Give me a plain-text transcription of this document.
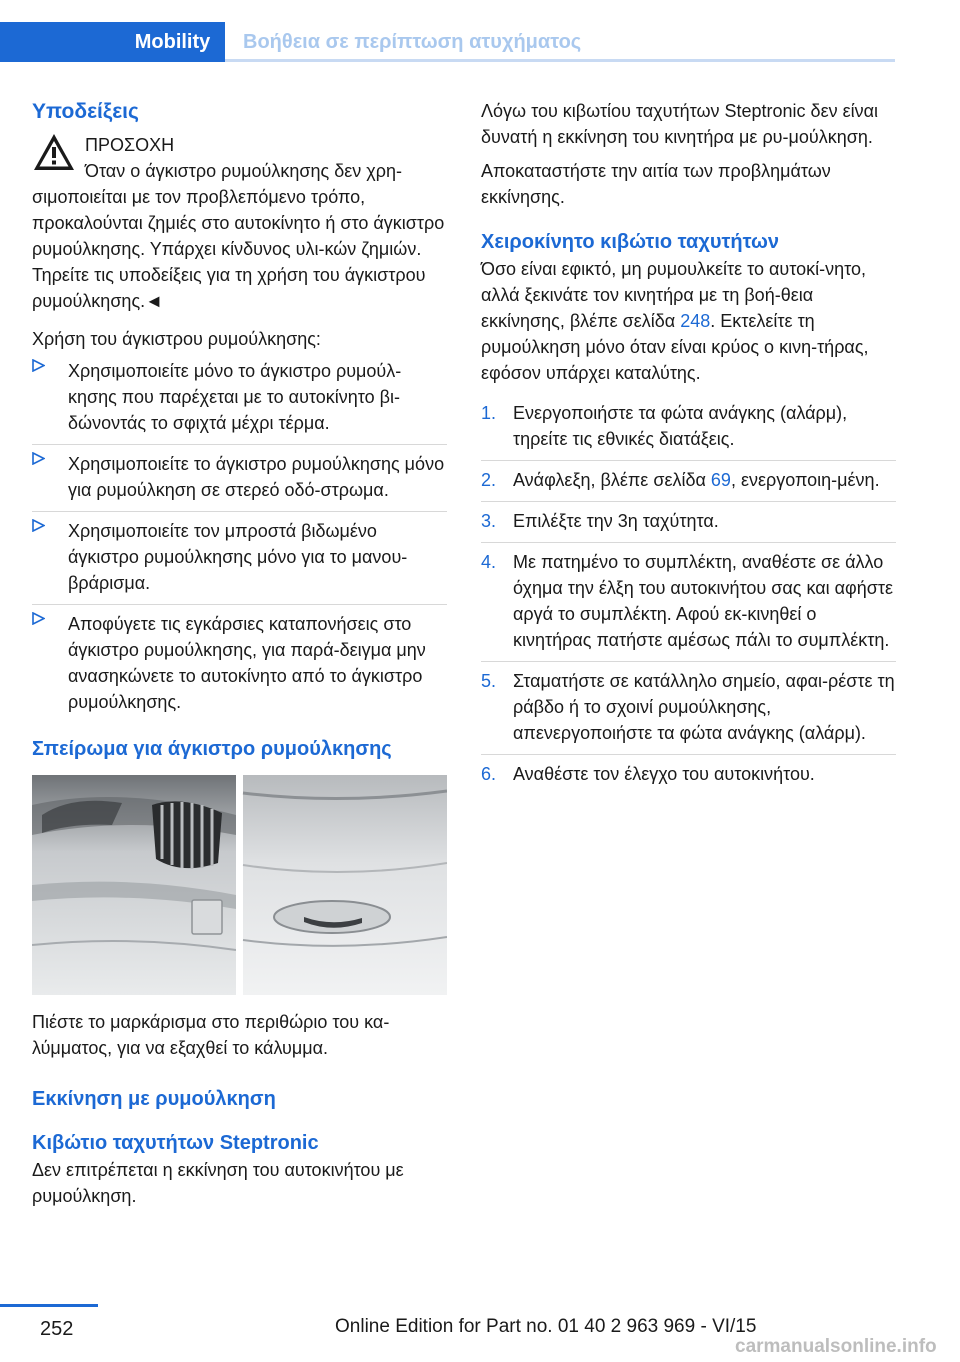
Mobility	Βοήθεια σε περίπτωση ατυχήματος
Υποδείξεις
ΠΡΟΣΟΧΗ
Όταν ο άγκιστρο ρυμούλκησης δεν χρη‐
σιμοποιείται με τον προβλεπόμενο τρόπο, προκαλούνται ζημιές στο αυτοκίνητο ή στο άγκιστρο ρυμούλκησης. Υπάρχει κίνδυνος υλι‐κών ζημιών. Τηρείτε τις υποδείξεις για τη χρήση του άγκιστρου ρυμούλκησης.◄

Χρήση του άγκιστρου ρυμούλκησης:

Χρησιμοποιείτε μόνο το άγκιστρο ρυμούλ‐κησης που παρέχεται με το αυτοκίνητο βι‐δώνοντάς το σφιχτά μέχρι τέρμα.
Χρησιμοποιείτε το άγκιστρο ρυμούλκησης μόνο για ρυμούλκηση σε στερεό οδό‐στρωμα.
Χρησιμοποιείτε τον μπροστά βιδωμένο άγκιστρο ρυμούλκησης μόνο για το μανου‐βράρισμα.
Αποφύγετε τις εγκάρσιες καταπονήσεις στο άγκιστρο ρυμούλκησης, για παρά‐δειγμα μην ανασηκώνετε το αυτοκίνητο από το άγκιστρο ρυμούλκησης.
Σπείρωμα για άγκιστρο ρυμούλκησης

Πιέστε το μαρκάρισμα στο περιθώριο του κα‐λύμματος, για να εξαχθεί το κάλυμμα.

Εκκίνηση με ρυμούλκηση
Κιβώτιο ταχυτήτων Steptronic

Δεν επιτρέπεται η εκκίνηση του αυτοκινήτου με ρυμούλκηση.

Λόγω του κιβωτίου ταχυτήτων Steptronic δεν είναι δυνατή η εκκίνηση του κινητήρα με ρυ‐μούλκηση.

Αποκαταστήστε την αιτία των προβλημάτων εκκίνησης.

Χειροκίνητο κιβώτιο ταχυτήτων

Όσο είναι εφικτό, μη ρυμουλκείτε το αυτοκί‐νητο, αλλά ξεκινάτε τον κινητήρα με τη βοή‐θεια εκκίνησης, βλέπε σελίδα 248. Εκτελείτε τη ρυμούλκηση μόνο όταν είναι κρύος ο κινη‐τήρας, εφόσον υπάρχει καταλύτης.

1. Ενεργοποιήστε τα φώτα ανάγκης (αλάρμ), τηρείτε τις εθνικές διατάξεις.
2. Ανάφλεξη, βλέπε σελίδα 69, ενεργοποιη‐μένη.
3. Επιλέξτε την 3η ταχύτητα.
4. Με πατημένο το συμπλέκτη, αναθέστε σε άλλο όχημα την έλξη του αυτοκινήτου σας και αφήστε αργά το συμπλέκτη. Αφού εκ‐κινηθεί ο κινητήρας πατήστε αμέσως πάλι το συμπλέκτη.
5. Σταματήστε σε κατάλληλο σημείο, αφαι‐ρέστε τη ράβδο ή το σχοινί ρυμούλκησης, απενεργοποιήστε τα φώτα ανάγκης (αλάρμ).
6. Αναθέστε τον έλεγχο του αυτοκινήτου.
252	Online Edition for Part no. 01 40 2 963 969 - VI/15
carmanualsonline.info
